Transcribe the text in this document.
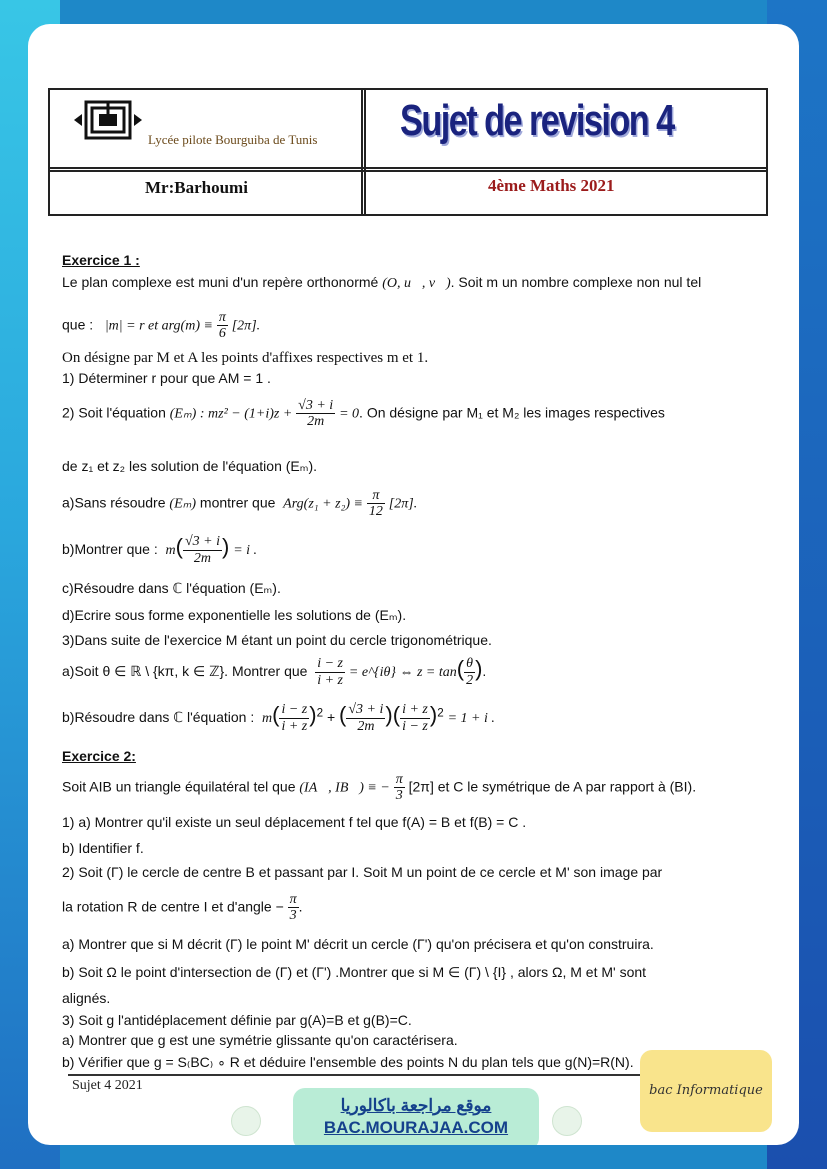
Lycée pilote Bourguiba de Tunis
Mr:Barhoumi
Sujet de revision 4
4ème Maths 2021
Exercice 1 :
Le plan complexe est muni d'un repère orthonormé (O, u⃗, v⃗). Soit m un nombre complexe non nul tel
que : |m| = r et $arg(m) \equiv \frac{\pi}{6} [2\pi]$.
On désigne par M et A les points d'affixes respectives m et 1.
1) Déterminer r pour que AM = 1 .
2) Soit l'équation (Eₘ) : $mz^2 - (1+i)z + \frac{√3 + i}{2m} = 0$. On désigne par M₁ et M₂ les images respectives
de z₁ et z₂ les solution de l'équation (Eₘ).
a)Sans résoudre (Eₘ) montrer que $Arg(z_1 + z_2) \equiv \frac{\pi}{12} [2\pi]$.
b)Montrer que : $m( \frac{√3 + i}{2m}$ ) = i .
c)Résoudre dans ℂ l'équation (Eₘ).
d)Ecrire sous forme exponentielle les solutions de (Eₘ).
3)Dans suite de l'exercice M étant un point du cercle trigonométrique.
a)Soit θ ∈ ℝ \ {kπ, k ∈ ℤ}. Montrer que $\frac{i - z}{i + z}$ = e^{iθ} ⇔ $z = \tan( \frac{\theta}{2}$ ).
b)Résoudre dans ℂ l'équation : $m( \frac{i - z}{i + z} )^2$ + ( $\frac{√3 + i}{2m}$ )( $\frac{i + z}{i - z} )^2 = 1 + i$ .
Exercice 2:
Soit AIB un triangle équilatéral tel que (IA⃗, IB⃗) ≡ − $\frac{\pi}{3} [2\pi]$ et C le symétrique de A par rapport à (BI).
1) a) Montrer qu'il existe un seul déplacement f tel que f(A) = B et f(B) = C .
b) Identifier f.
2) Soit (Γ) le cercle de centre B et passant par I. Soit M un point de ce cercle et M' son image par
la rotation R de centre I et d'angle − $\frac{\pi}{3}$ .
a) Montrer que si M décrit (Γ) le point M' décrit un cercle (Γ') qu'on précisera et qu'on construira.
b) Soit Ω le point d'intersection de (Γ) et (Γ') .Montrer que si M ∈ (Γ) \ {I} , alors Ω, M et M' sont
alignés.
3) Soit g l'antidéplacement définie par g(A)=B et g(B)=C.
a) Montrer que g est une symétrie glissante qu'on caractérisera.
b) Vérifier que g = S₍BC₎ ∘ R et déduire l'ensemble des points N du plan tels que g(N)=R(N).
Sujet 4 2021
موقع مراجعة باكالوريا
BAC.MOURAJAA.COM
bac Informatique
